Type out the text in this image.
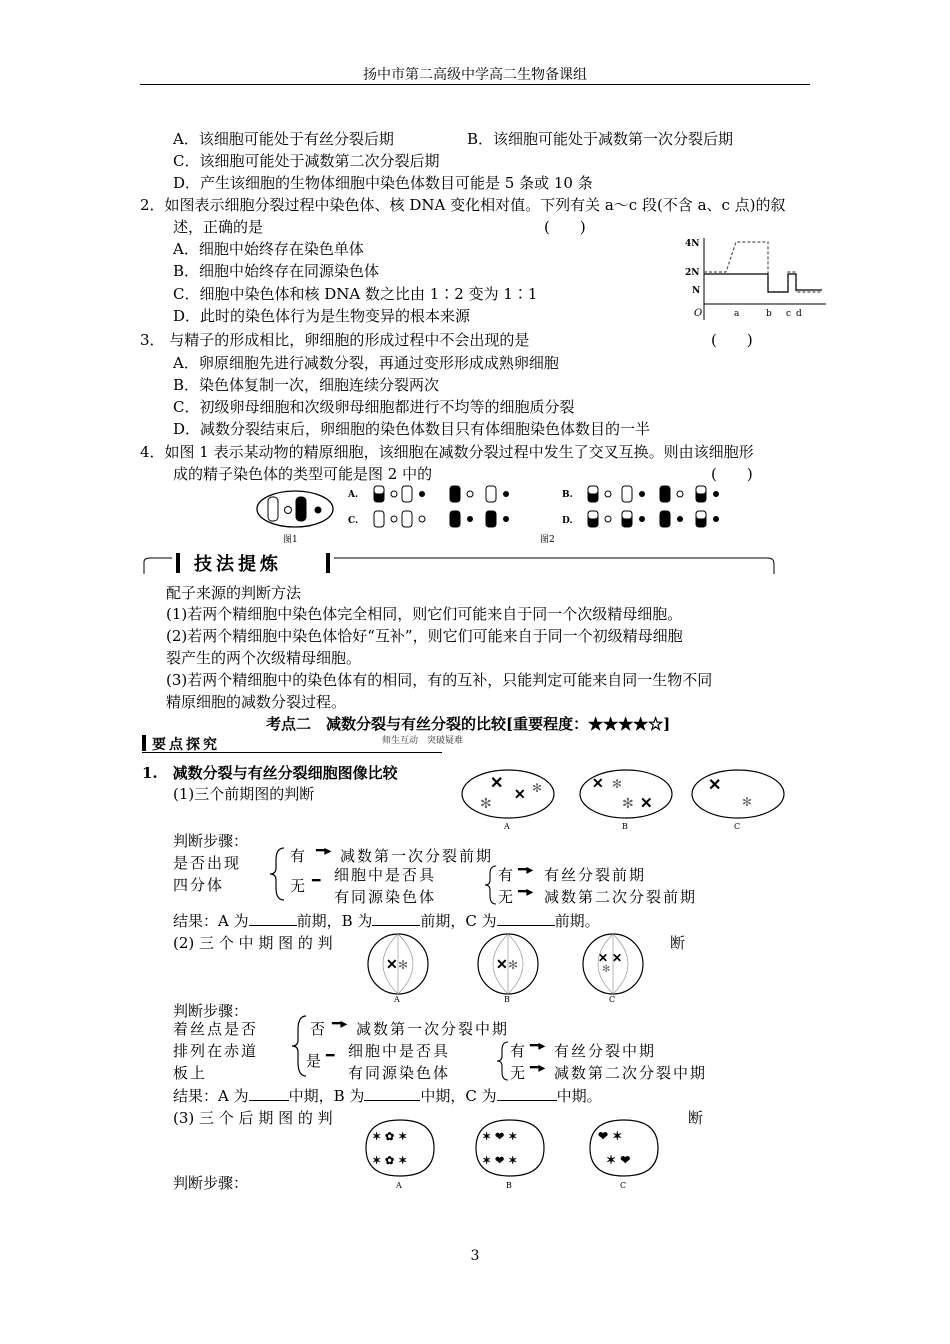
扬中市第二高级中学高二生物备课组
A．该细胞可能处于有丝分裂后期	B．该细胞可能处于减数第一次分裂后期
C．该细胞可能处于减数第二次分裂后期
D．产生该细胞的生物体细胞中染色体数目可能是 5 条或 10 条
2．如图表示细胞分裂过程中染色体、核 DNA 变化相对值。下列有关 a～c 段(不含 a、c 点)的叙
述，正确的是	(　　)
A．细胞中始终存在染色单体
B．细胞中始终存在同源染色体
C．细胞中染色体和核 DNA 数之比由 1∶2 变为 1∶1
D．此时的染色体行为是生物变异的根本来源
4N
2N
N
O	a	b c d
3． 与精子的形成相比，卵细胞的形成过程中不会出现的是	(　　)
A．卵原细胞先进行减数分裂，再通过变形形成成熟卵细胞
B．染色体复制一次，细胞连续分裂两次
C．初级卵母细胞和次级卵母细胞都进行不均等的细胞质分裂
D．减数分裂结束后，卵细胞的染色体数目只有体细胞染色体数目的一半
4．如图 1 表示某动物的精原细胞，该细胞在减数分裂过程中发生了交叉互换。则由该细胞形
成的精子染色体的类型可能是图 2 中的	(　　)
图1
A.
C.
B.
D.
图2
技法提炼
配子来源的判断方法
(1)若两个精细胞中染色体完全相同，则它们可能来自于同一个次级精母细胞。
(2)若两个精细胞中染色体恰好“互补”，则它们可能来自于同一个初级精母细胞
裂产生的两个次级精母细胞。
(3)若两个精细胞中的染色体有的相同，有的互补，只能判定可能来自同一生物不同
精原细胞的减数分裂过程。
考点二　减数分裂与有丝分裂的比较[重要程度：★★★★☆]
要点探究	师生互动　突破疑难
1.　减数分裂与有丝分裂细胞图像比较
(1)三个前期图的判断
✕
✕
✻
✻
A
✕ ✻
✻ ✕
B
✕
✻
C
判断步骤：
是否出现
四分体
有 ━▸ 减数第一次分裂前期
无 ━ 细胞中是否具
有同源染色体
有 ━▸ 有丝分裂前期
无 ━▸ 减数第二次分裂前期
结果：A 为	前期，B 为	前期，C 为	前期。
(2) 三 个 中 期 图 的 判	断
✕ ✻
A
✕ ✻
B
✕ ✕
✻
C
判断步骤：
着丝点是否
排列在赤道
板上
否 ━▸ 减数第一次分裂中期
是 ━ 细胞中是否具
有同源染色体
有 ━▸ 有丝分裂中期
无 ━▸ 减数第二次分裂中期
结果：A 为	中期，B 为	中期，C 为	中期。
(3) 三 个 后 期 图 的 判	断
✶ ✿ ✶
✶ ✿ ✶
A
✶ ❤ ✶
✶ ❤ ✶
B
❤ ✶
✶ ❤
C
判断步骤：
3
